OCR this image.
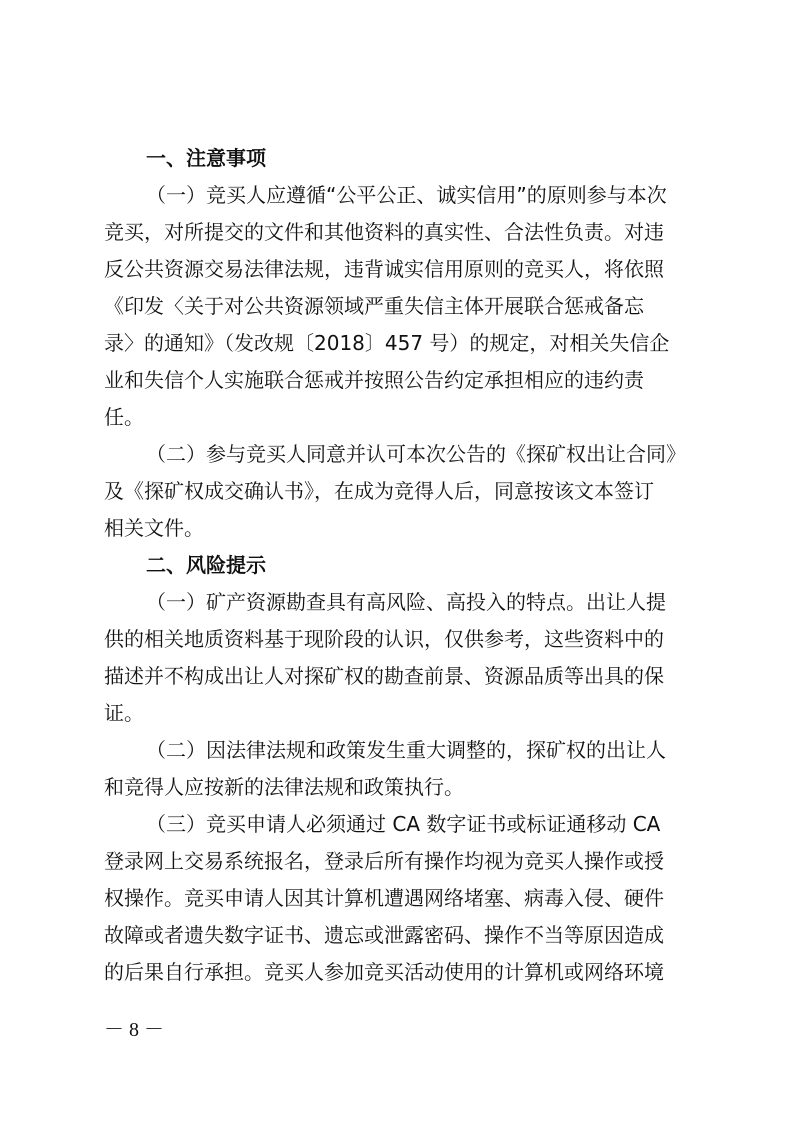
一、注意事项

（一）竞买人应遵循“公平公正、诚实信用”的原则参与本次
竞买，对所提交的文件和其他资料的真实性、合法性负责。对违
反公共资源交易法律法规，违背诚实信用原则的竞买人，将依照
《印发〈关于对公共资源领域严重失信主体开展联合惩戒备忘
录〉的通知》（发改规〔2018〕457 号）的规定，对相关失信企
业和失信个人实施联合惩戒并按照公告约定承担相应的违约责
任。
（二）参与竞买人同意并认可本次公告的《探矿权出让合同》
及《探矿权成交确认书》，在成为竞得人后，同意按该文本签订
相关文件。

二、风险提示

（一）矿产资源勘查具有高风险、高投入的特点。出让人提
供的相关地质资料基于现阶段的认识，仅供参考，这些资料中的
描述并不构成出让人对探矿权的勘查前景、资源品质等出具的保
证。
（二）因法律法规和政策发生重大调整的，探矿权的出让人
和竞得人应按新的法律法规和政策执行。
（三）竞买申请人必须通过 CA 数字证书或标证通移动 CA
登录网上交易系统报名，登录后所有操作均视为竞买人操作或授
权操作。竞买申请人因其计算机遭遇网络堵塞、病毒入侵、硬件
故障或者遗失数字证书、遗忘或泄露密码、操作不当等原因造成
的后果自行承担。竞买人参加竞买活动使用的计算机或网络环境
－ 8 －
